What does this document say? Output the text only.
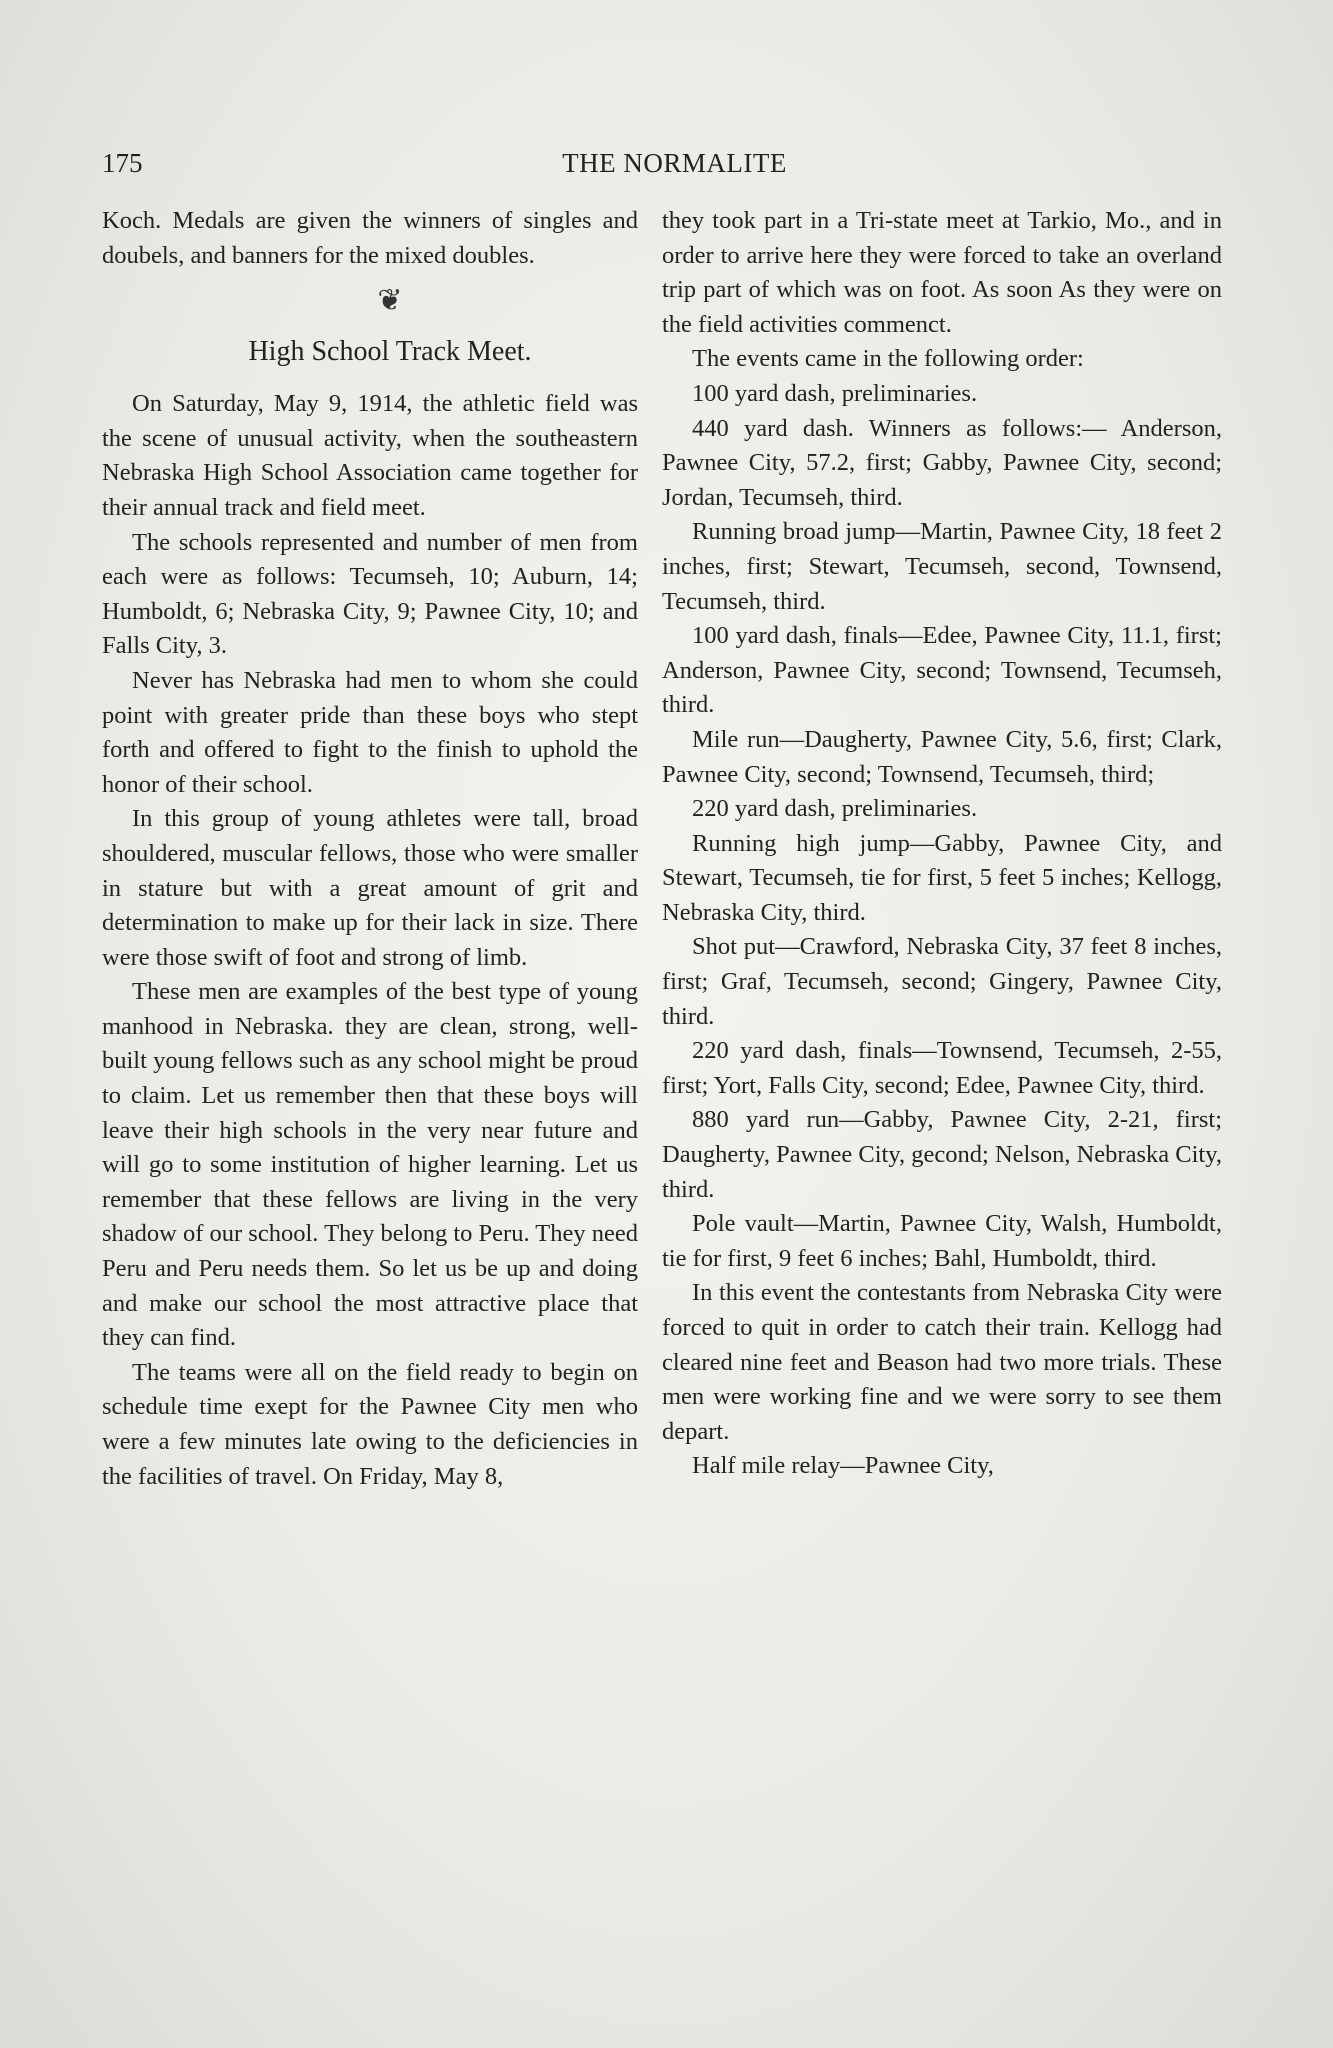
175	THE NORMALITE

Koch. Medals are given the winners of singles and doubels, and banners for the mixed doubles.

❦
High School Track Meet.

On Saturday, May 9, 1914, the athletic field was the scene of unusual activity, when the southeastern Nebraska High School Association came together for their annual track and field meet.

The schools represented and number of men from each were as follows: Tecumseh, 10; Auburn, 14; Humboldt, 6; Nebraska City, 9; Pawnee City, 10; and Falls City, 3.

Never has Nebraska had men to whom she could point with greater pride than these boys who stept forth and offered to fight to the finish to uphold the honor of their school.

In this group of young athletes were tall, broad shouldered, muscular fellows, those who were smaller in stature but with a great amount of grit and determination to make up for their lack in size. There were those swift of foot and strong of limb.

These men are examples of the best type of young manhood in Nebraska. they are clean, strong, well-built young fellows such as any school might be proud to claim. Let us remember then that these boys will leave their high schools in the very near future and will go to some institution of higher learning. Let us remember that these fellows are living in the very shadow of our school. They belong to Peru. They need Peru and Peru needs them. So let us be up and doing and make our school the most attractive place that they can find.

The teams were all on the field ready to begin on schedule time exept for the Pawnee City men who were a few minutes late owing to the deficiencies in the facilities of travel. On Friday, May 8,

they took part in a Tri-state meet at Tarkio, Mo., and in order to arrive here they were forced to take an overland trip part of which was on foot. As soon As they were on the field activities commenct.

The events came in the following order:

100 yard dash, preliminaries.

440 yard dash. Winners as follows:— Anderson, Pawnee City, 57.2, first; Gabby, Pawnee City, second; Jordan, Tecumseh, third.

Running broad jump—Martin, Pawnee City, 18 feet 2 inches, first; Stewart, Tecumseh, second, Townsend, Tecumseh, third.

100 yard dash, finals—Edee, Pawnee City, 11.1, first; Anderson, Pawnee City, second; Townsend, Tecumseh, third.

Mile run—Daugherty, Pawnee City, 5.6, first; Clark, Pawnee City, second; Townsend, Tecumseh, third;

220 yard dash, preliminaries.

Running high jump—Gabby, Pawnee City, and Stewart, Tecumseh, tie for first, 5 feet 5 inches; Kellogg, Nebraska City, third.

Shot put—Crawford, Nebraska City, 37 feet 8 inches, first; Graf, Tecumseh, second; Gingery, Pawnee City, third.

220 yard dash, finals—Townsend, Tecumseh, 2-55, first; Yort, Falls City, second; Edee, Pawnee City, third.

880 yard run—Gabby, Pawnee City, 2-21, first; Daugherty, Pawnee City, gecond; Nelson, Nebraska City, third.

Pole vault—Martin, Pawnee City, Walsh, Humboldt, tie for first, 9 feet 6 inches; Bahl, Humboldt, third.

In this event the contestants from Nebraska City were forced to quit in order to catch their train. Kellogg had cleared nine feet and Beason had two more trials. These men were working fine and we were sorry to see them depart.

Half mile relay—Pawnee City,
